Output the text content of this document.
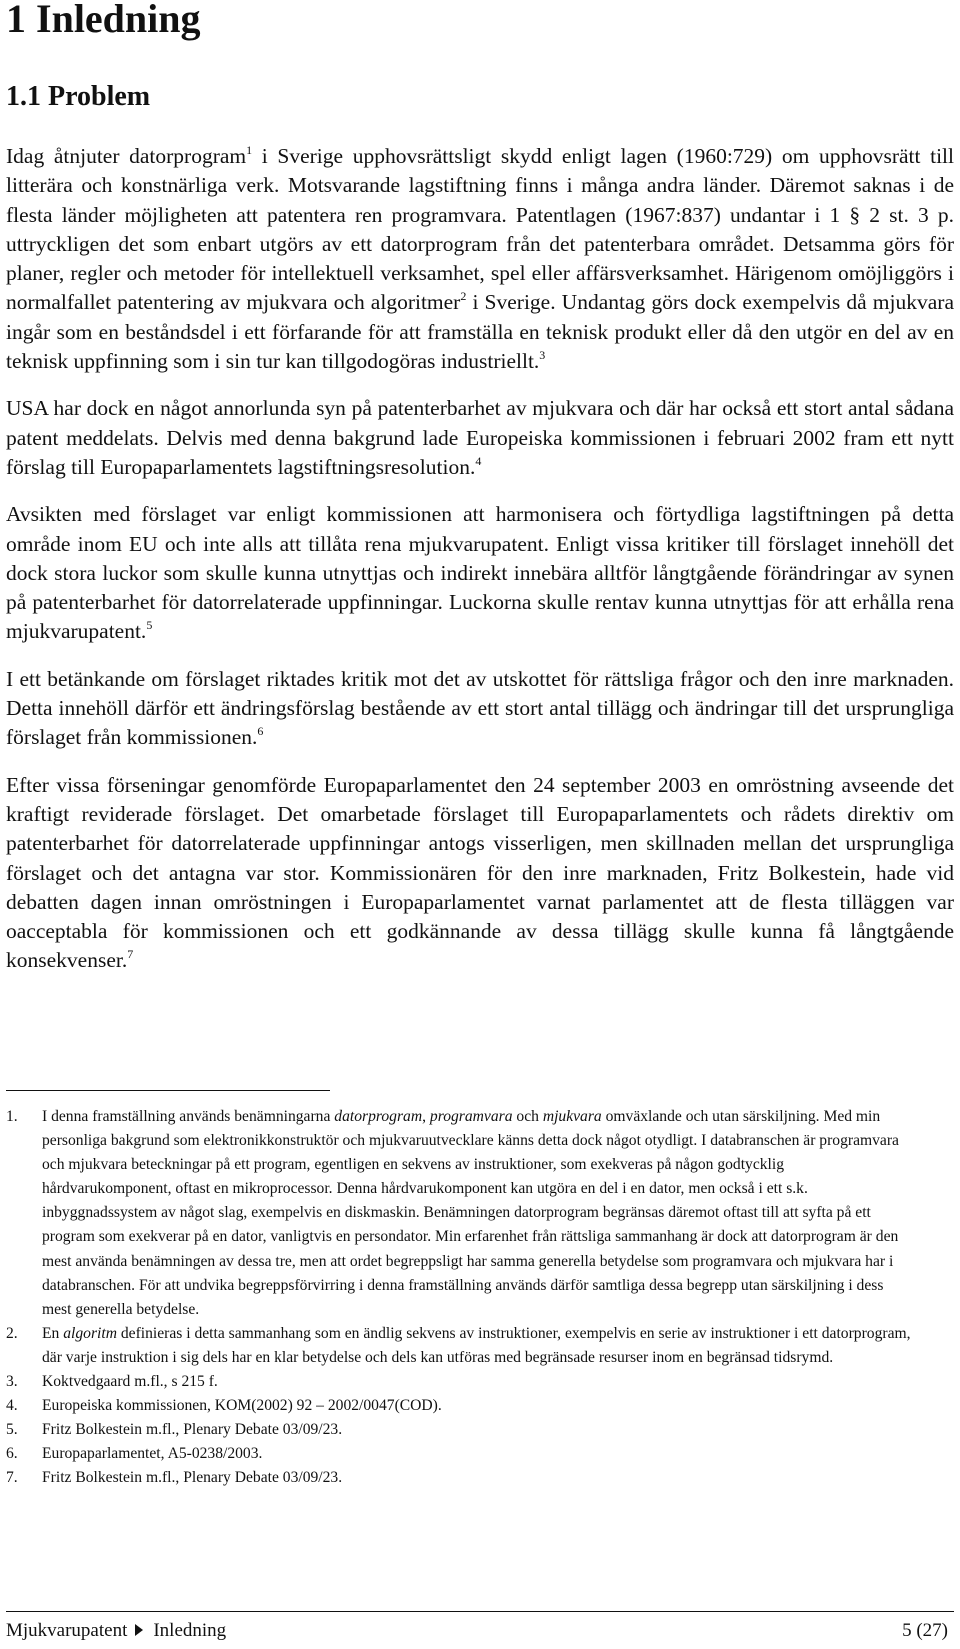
1 Inledning
1.1 Problem

Idag åtnjuter datorprogram$^1$ i Sverige upphovsrättsligt skydd enligt lagen (1960:729) om upphovsrätt till litterära och konstnärliga verk. Motsvarande lagstiftning finns i många andra länder. Däremot saknas i de flesta länder möjligheten att patentera ren programvara. Patentlagen (1967:837) undantar i 1 § 2 st. 3 p. uttryckligen det som enbart utgörs av ett datorprogram från det patenterbara området. Detsamma görs för planer, regler och metoder för intellektuell verksamhet, spel eller affärsverksamhet. Härigenom omöjliggörs i normalfallet patentering av mjukvara och algoritmer$^2$ i Sverige. Undantag görs dock exempelvis då mjukvara ingår som en beståndsdel i ett förfarande för att framställa en teknisk produkt eller då den utgör en del av en teknisk uppfinning som i sin tur kan tillgodogöras industriellt.$^3$

USA har dock en något annorlunda syn på patenterbarhet av mjukvara och där har också ett stort antal sådana patent meddelats. Delvis med denna bakgrund lade Europeiska kommissionen i februari 2002 fram ett nytt förslag till Europaparlamentets lagstiftningsresolution.$^4$

Avsikten med förslaget var enligt kommissionen att harmonisera och förtydliga lagstiftningen på detta område inom EU och inte alls att tillåta rena mjukvarupatent. Enligt vissa kritiker till förslaget innehöll det dock stora luckor som skulle kunna utnyttjas och indirekt innebära alltför långtgående förändringar av synen på patenterbarhet för datorrelaterade uppfinningar. Luckorna skulle rentav kunna utnyttjas för att erhålla rena mjukvarupatent.$^5$

I ett betänkande om förslaget riktades kritik mot det av utskottet för rättsliga frågor och den inre marknaden. Detta innehöll därför ett ändringsförslag bestående av ett stort antal tillägg och ändringar till det ursprungliga förslaget från kommissionen.$^6$

Efter vissa förseningar genomförde Europaparlamentet den 24 september 2003 en omröstning avseende det kraftigt reviderade förslaget. Det omarbetade förslaget till Europaparlamentets och rådets direktiv om patenterbarhet för datorrelaterade uppfinningar antogs visserligen, men skillnaden mellan det ursprungliga förslaget och det antagna var stor. Kommissionären för den inre marknaden, Fritz Bolkestein, hade vid debatten dagen innan omröstningen i Europaparlamentet varnat parlamentet att de flesta tilläggen var oacceptabla för kommissionen och ett godkännande av dessa tillägg skulle kunna få långtgående konsekvenser.$^7$

1. I denna framställning används benämningarna datorprogram, programvara och mjukvara omväxlande och utan särskiljning. Med min personliga bakgrund som elektronikkonstruktör och mjukvaruutvecklare känns detta dock något otydligt. I databranschen är programvara och mjukvara beteckningar på ett program, egentligen en sekvens av instruktioner, som exekveras på någon godtycklig hårdvarukomponent, oftast en mikroprocessor. Denna hårdvarukomponent kan utgöra en del i en dator, men också i ett s.k. inbyggnadssystem av något slag, exempelvis en diskmaskin. Benämningen datorprogram begränsas däremot oftast till att syfta på ett program som exekverar på en dator, vanligtvis en persondator. Min erfarenhet från rättsliga sammanhang är dock att datorprogram är den mest använda benämningen av dessa tre, men att ordet begreppsligt har samma generella betydelse som programvara och mjukvara har i databranschen. För att undvika begreppsförvirring i denna framställning används därför samtliga dessa begrepp utan särskiljning i dess mest generella betydelse.
2. En algoritm definieras i detta sammanhang som en ändlig sekvens av instruktioner, exempelvis en serie av instruktioner i ett datorprogram, där varje instruktion i sig dels har en klar betydelse och dels kan utföras med begränsade resurser inom en begränsad tidsrymd.
3. Koktvedgaard m.fl., s 215 f.
4. Europeiska kommissionen, KOM(2002) 92 – 2002/0047(COD).
5. Fritz Bolkestein m.fl., Plenary Debate 03/09/23.
6. Europaparlamentet, A5-0238/2003.
7. Fritz Bolkestein m.fl., Plenary Debate 03/09/23.
Mjukvarupatent Inledning	5 (27)
